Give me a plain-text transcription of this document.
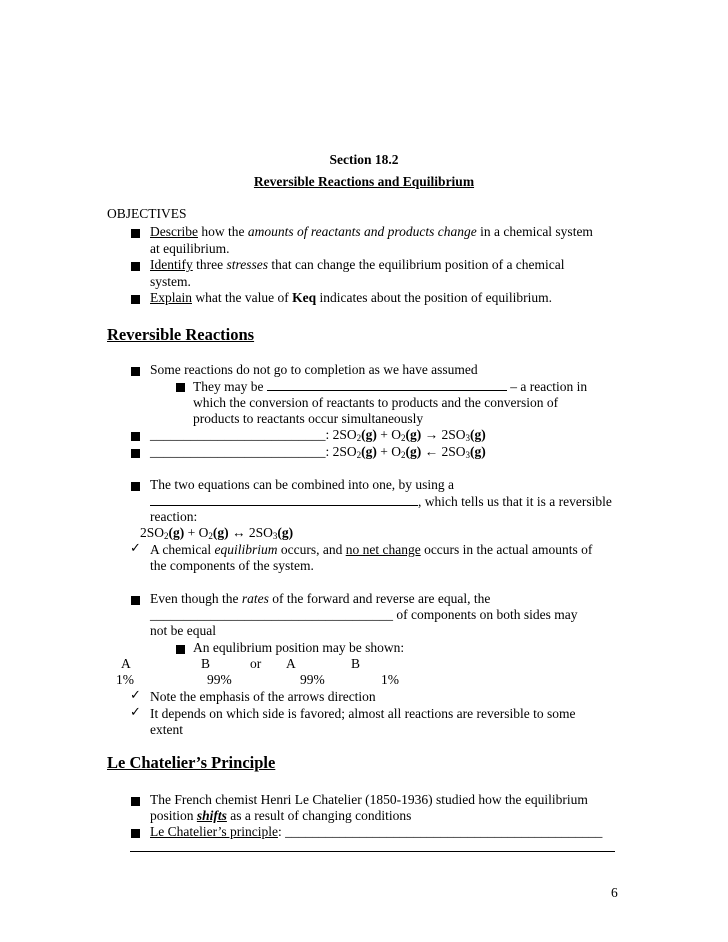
Section 18.2
Reversible Reactions and Equilibrium
OBJECTIVES
Describe how the amounts of reactants and products change in a chemical system
at equilibrium.
Identify three stresses that can change the equilibrium position of a chemical
system.
Explain what the value of Keq indicates about the position of equilibrium.
Reversible Reactions
Some reactions do not go to completion as we have assumed
They may be	– a reaction in
which the conversion of reactants to products and the conversion of
products to reactants occur simultaneously
__________________________: $2SO_2(g) + O_2(g) \to 2SO_3(g)$
__________________________: $2SO_2(g) + O_2(g)$ ← $2SO_3(g)$
The two equations can be combined into one, by using a
, which tells us that it is a reversible
reaction:
$2SO_2(g) + O_2(g)$ ↔ $2SO_3(g)$
✓ A chemical equilibrium occurs, and no net change occurs in the actual amounts of
the components of the system.
Even though the rates of the forward and reverse are equal, the
____________________________________ of components on both sides may
not be equal
An equlibrium position may be shown:
A	B	or A	B
1%	99%	99%	1%
✓ Note the emphasis of the arrows direction
✓ It depends on which side is favored; almost all reactions are reversible to some
extent
Le Chatelier’s Principle
The French chemist Henri Le Chatelier (1850-1936) studied how the equilibrium
position shifts as a result of changing conditions
Le Chatelier’s principle: _______________________________________________
6
